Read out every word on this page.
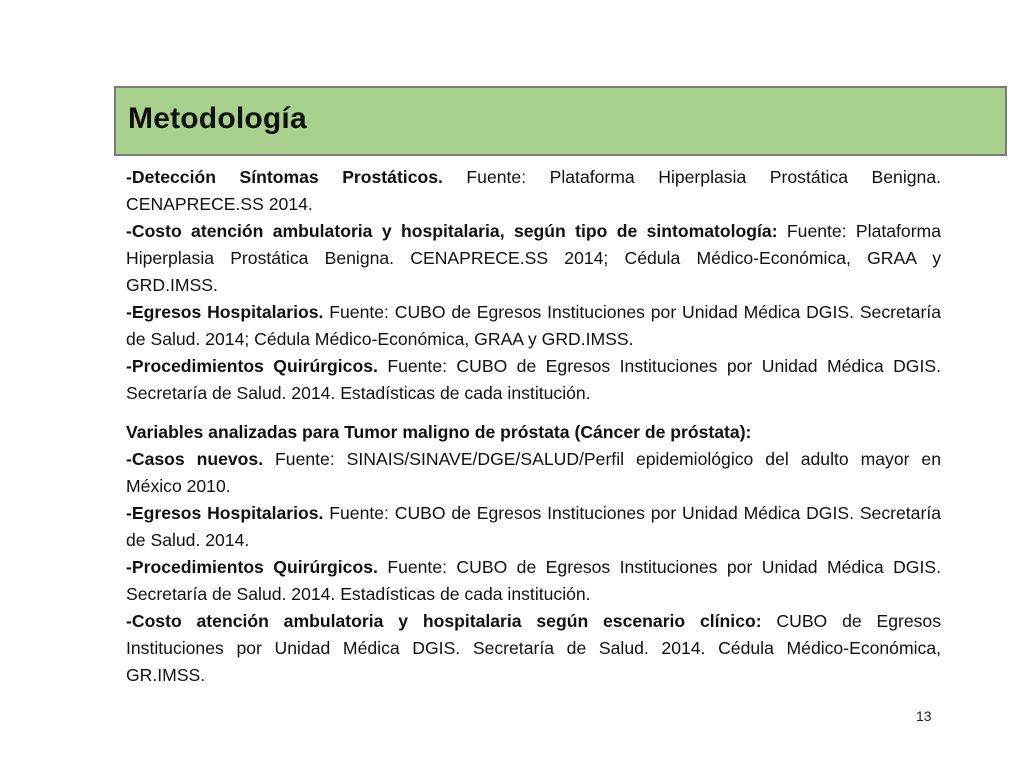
Metodología

-Detección Síntomas Prostáticos. Fuente: Plataforma Hiperplasia Prostática Benigna. CENAPRECE.SS 2014.

-Costo atención ambulatoria y hospitalaria, según tipo de sintomatología: Fuente: Plataforma Hiperplasia Prostática Benigna. CENAPRECE.SS 2014; Cédula Médico-Económica, GRAA y GRD.IMSS.

-Egresos Hospitalarios. Fuente: CUBO de Egresos Instituciones por Unidad Médica DGIS. Secretaría de Salud. 2014; Cédula Médico-Económica, GRAA y GRD.IMSS.

-Procedimientos Quirúrgicos. Fuente: CUBO de Egresos Instituciones por Unidad Médica DGIS. Secretaría de Salud. 2014. Estadísticas de cada institución.

Variables analizadas para Tumor maligno de próstata (Cáncer de próstata):

-Casos nuevos. Fuente: SINAIS/SINAVE/DGE/SALUD/Perfil epidemiológico del adulto mayor en México 2010.

-Egresos Hospitalarios. Fuente: CUBO de Egresos Instituciones por Unidad Médica DGIS. Secretaría de Salud. 2014.

-Procedimientos Quirúrgicos. Fuente: CUBO de Egresos Instituciones por Unidad Médica DGIS. Secretaría de Salud. 2014. Estadísticas de cada institución.

-Costo atención ambulatoria y hospitalaria según escenario clínico: CUBO de Egresos Instituciones por Unidad Médica DGIS. Secretaría de Salud. 2014. Cédula Médico-Económica, GR.IMSS.

13
